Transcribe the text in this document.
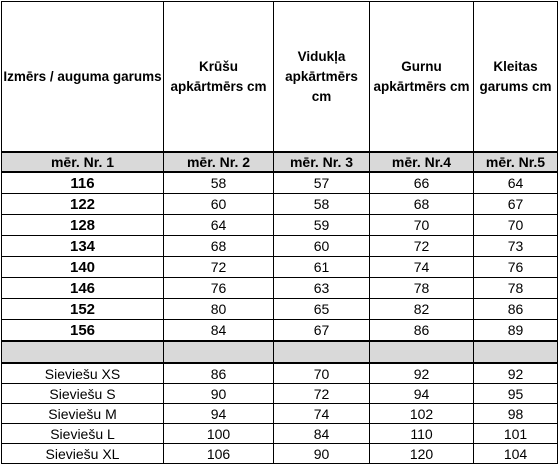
Izmērs / auguma garums	Krūšu apkārtmērs cm	Vidukļa apkārtmērs cm	Gurnu apkārtmērs cm	Kleitas garums cm
mēr. Nr. 1	mēr. Nr. 2	mēr. Nr. 3	mēr. Nr.4	mēr. Nr.5
116	58	57	66	64
122	60	58	68	67
128	64	59	70	70
134	68	60	72	73
140	72	61	74	76
146	76	63	78	78
152	80	65	82	86
156	84	67	86	89

Sieviešu XS	86	70	92	92
Sieviešu S	90	72	94	95
Sieviešu M	94	74	102	98
Sieviešu L	100	84	110	101
Sieviešu XL	106	90	120	104
